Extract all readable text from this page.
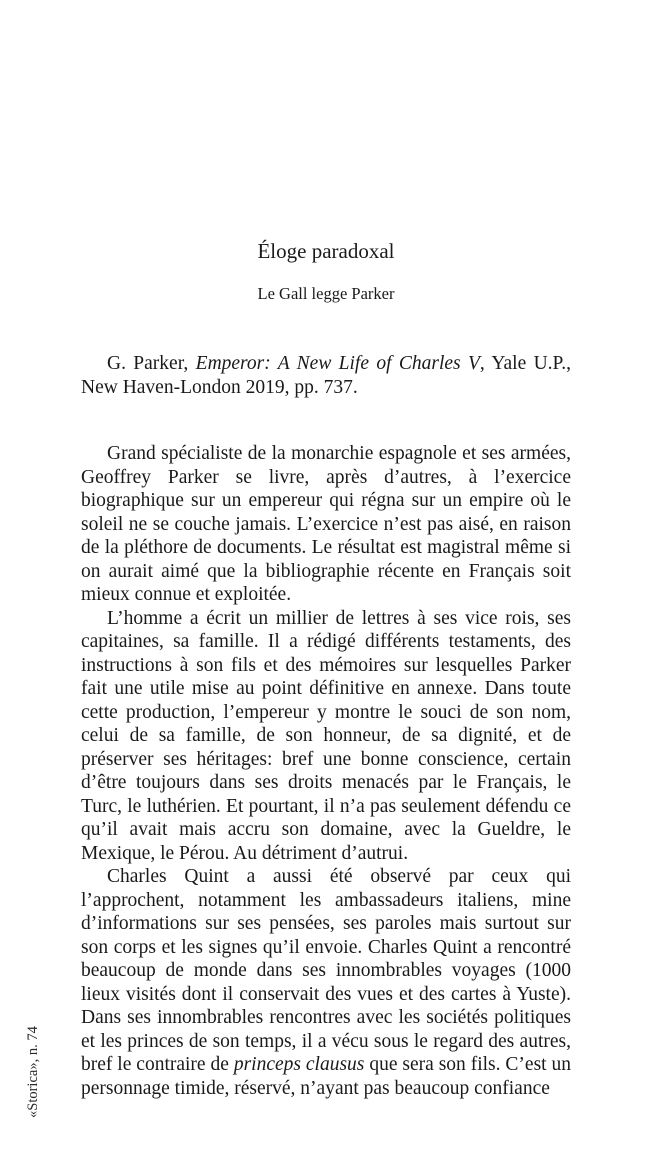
Éloge paradoxal
Le Gall legge Parker

G. Parker, Emperor: A New Life of Charles V, Yale U.P., New Haven-London 2019, pp. 737.

Grand spécialiste de la monarchie espagnole et ses armées, Geoffrey Parker se livre, après d’autres, à l’exercice biographique sur un empereur qui régna sur un empire où le soleil ne se couche jamais. L’exercice n’est pas aisé, en raison de la pléthore de documents. Le résultat est magistral même si on aurait aimé que la bibliographie récente en Français soit mieux connue et exploitée.

L’homme a écrit un millier de lettres à ses vice rois, ses capitaines, sa famille. Il a rédigé différents testaments, des instructions à son fils et des mémoires sur lesquelles Parker fait une utile mise au point définitive en annexe. Dans toute cette production, l’empereur y montre le souci de son nom, celui de sa famille, de son honneur, de sa dignité, et de préserver ses héritages: bref une bonne conscience, certain d’être toujours dans ses droits menacés par le Français, le Turc, le luthérien. Et pourtant, il n’a pas seulement défendu ce qu’il avait mais accru son domaine, avec la Gueldre, le Mexique, le Pérou. Au détriment d’autrui.

Charles Quint a aussi été observé par ceux qui l’approchent, notamment les ambassadeurs italiens, mine d’informations sur ses pensées, ses paroles mais surtout sur son corps et les signes qu’il envoie. Charles Quint a rencontré beaucoup de monde dans ses innombrables voyages (1000 lieux visités dont il conservait des vues et des cartes à Yuste). Dans ses innombrables rencontres avec les sociétés politiques et les princes de son temps, il a vécu sous le regard des autres, bref le contraire de princeps clausus que sera son fils. C’est un personnage timide, réservé, n’ayant pas beaucoup confiance

«Storica», n. 74
